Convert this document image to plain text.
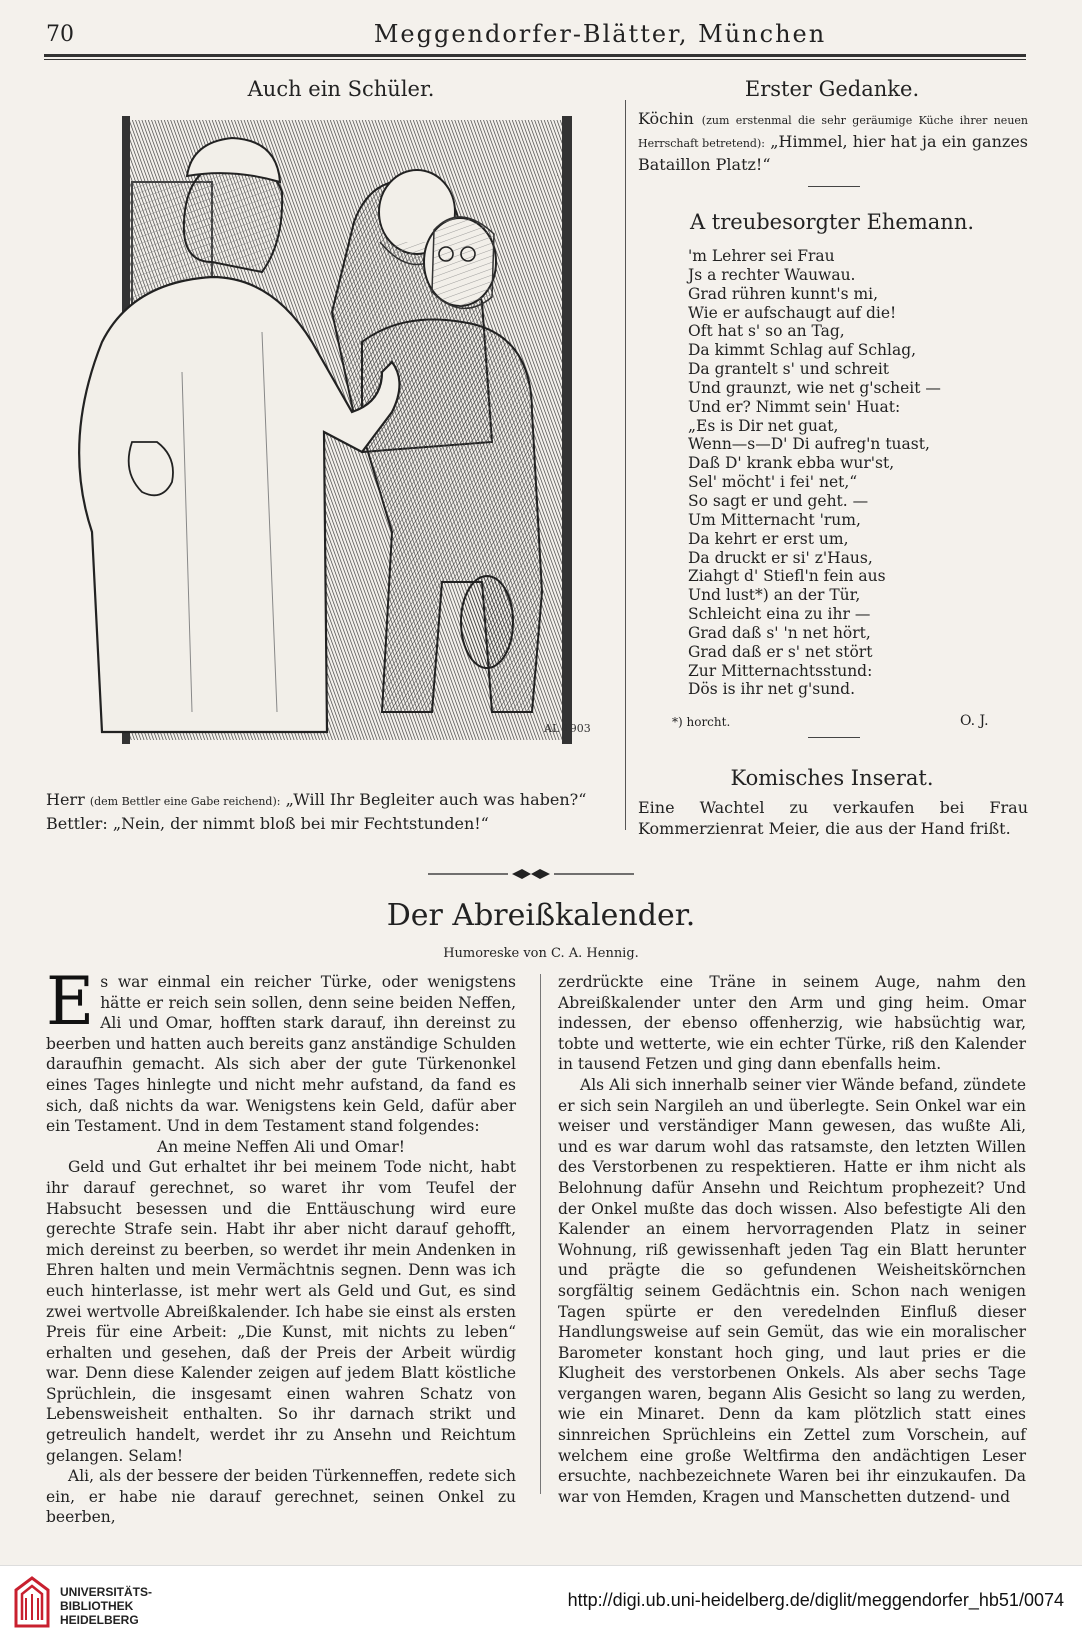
70	Meggendorfer-Blätter, München
Auch ein Schüler.
AL 1903
Herr (dem Bettler eine Gabe reichend): „Will Ihr Begleiter auch was haben?“
Bettler: „Nein, der nimmt bloß bei mir Fechtstunden!“
Erster Gedanke.
Köchin (zum erstenmal die sehr geräumige Küche ihrer neuen Herrschaft betretend): „Himmel, hier hat ja ein ganzes Bataillon Platz!“
A treubesorgter Ehemann.
'm Lehrer sei Frau
Js a rechter Wauwau.
Grad rühren kunnt's mi,
Wie er aufschaugt auf die!
Oft hat s' so an Tag,
Da kimmt Schlag auf Schlag,
Da grantelt s' und schreit
Und graunzt, wie net g'scheit —
Und er? Nimmt sein' Huat:
„Es is Dir net guat,
Wenn—s—D' Di aufreg'n tuast,
Daß D' krank ebba wur'st,
Sel' möcht' i fei' net,“
So sagt er und geht. —
Um Mitternacht 'rum,
Da kehrt er erst um,
Da druckt er si' z'Haus,
Ziahgt d' Stiefl'n fein aus
Und lust*) an der Tür,
Schleicht eina zu ihr —
Grad daß s' 'n net hört,
Grad daß er s' net stört
Zur Mitternachtsstund:
Dös is ihr net g'sund.
*) horcht.	O. J.
Komisches Inserat.
Eine Wachtel zu verkaufen bei Frau Kommerzienrat Meier, die aus der Hand frißt.
Der Abreißkalender.
Humoreske von C. A. Hennig.

Es war einmal ein reicher Türke, oder wenigstens hätte er reich sein sollen, denn seine beiden Neffen, Ali und Omar, hofften stark darauf, ihn dereinst zu beerben und hatten auch bereits ganz anständige Schulden daraufhin gemacht. Als sich aber der gute Türkenonkel eines Tages hinlegte und nicht mehr aufstand, da fand es sich, daß nichts da war. Wenigstens kein Geld, dafür aber ein Testament. Und in dem Testament stand folgendes:

An meine Neffen Ali und Omar!

Geld und Gut erhaltet ihr bei meinem Tode nicht, habt ihr darauf gerechnet, so waret ihr vom Teufel der Habsucht besessen und die Enttäuschung wird eure gerechte Strafe sein. Habt ihr aber nicht darauf gehofft, mich dereinst zu beerben, so werdet ihr mein Andenken in Ehren halten und mein Vermächtnis segnen. Denn was ich euch hinterlasse, ist mehr wert als Geld und Gut, es sind zwei wertvolle Abreißkalender. Ich habe sie einst als ersten Preis für eine Arbeit: „Die Kunst, mit nichts zu leben“ erhalten und gesehen, daß der Preis der Arbeit würdig war. Denn diese Kalender zeigen auf jedem Blatt köstliche Sprüchlein, die insgesamt einen wahren Schatz von Lebensweisheit enthalten. So ihr darnach strikt und getreulich handelt, werdet ihr zu Ansehn und Reichtum gelangen. Selam!

Ali, als der bessere der beiden Türkenneffen, redete sich ein, er habe nie darauf gerechnet, seinen Onkel zu beerben,

zerdrückte eine Träne in seinem Auge, nahm den Abreißkalender unter den Arm und ging heim. Omar indessen, der ebenso offenherzig, wie habsüchtig war, tobte und wetterte, wie ein echter Türke, riß den Kalender in tausend Fetzen und ging dann ebenfalls heim.

Als Ali sich innerhalb seiner vier Wände befand, zündete er sich sein Nargileh an und überlegte. Sein Onkel war ein weiser und verständiger Mann gewesen, das wußte Ali, und es war darum wohl das ratsamste, den letzten Willen des Verstorbenen zu respektieren. Hatte er ihm nicht als Belohnung dafür Ansehn und Reichtum prophezeit? Und der Onkel mußte das doch wissen. Also befestigte Ali den Kalender an einem hervorragenden Platz in seiner Wohnung, riß gewissenhaft jeden Tag ein Blatt herunter und prägte die so gefundenen Weisheitskörnchen sorgfältig seinem Gedächtnis ein. Schon nach wenigen Tagen spürte er den veredelnden Einfluß dieser Handlungsweise auf sein Gemüt, das wie ein moralischer Barometer konstant hoch ging, und laut pries er die Klugheit des verstorbenen Onkels. Als aber sechs Tage vergangen waren, begann Alis Gesicht so lang zu werden, wie ein Minaret. Denn da kam plötzlich statt eines sinnreichen Sprüchleins ein Zettel zum Vorschein, auf welchem eine große Weltfirma den andächtigen Leser ersuchte, nachbezeichnete Waren bei ihr einzukaufen. Da war von Hemden, Kragen und Manschetten dutzend- und

UNIVERSITÄTS-
BIBLIOTHEK
HEIDELBERG
http://digi.ub.uni-heidelberg.de/diglit/meggendorfer_hb51/0074
